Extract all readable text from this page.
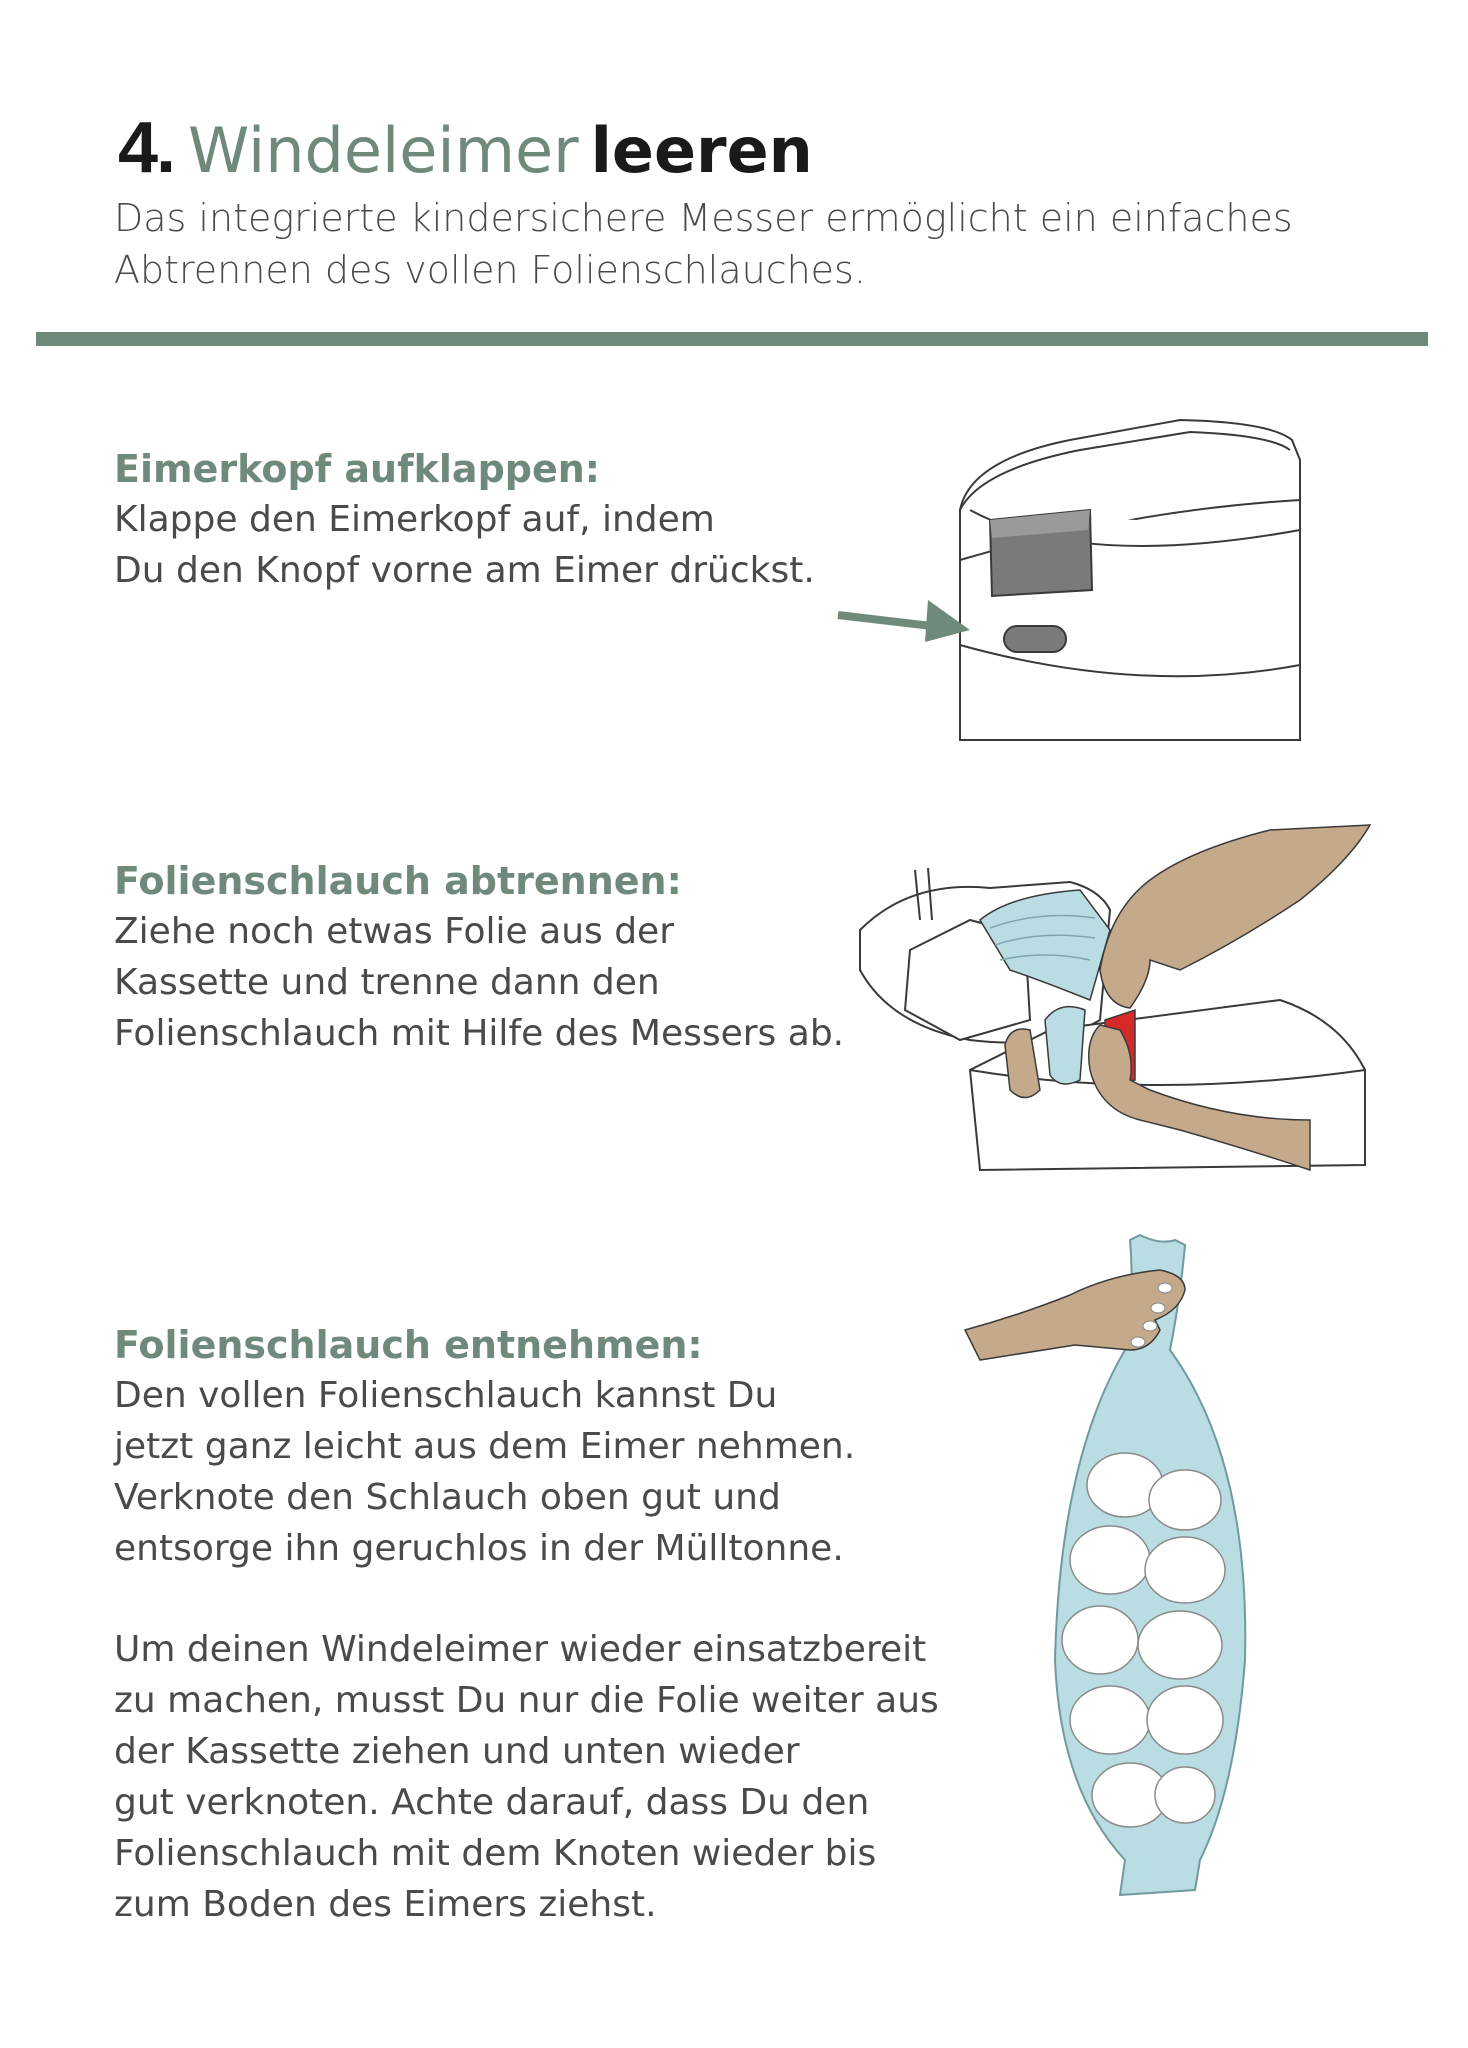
4. Windeleimer leeren
Das integrierte kindersichere Messer ermöglicht ein einfaches
Abtrennen des vollen Folienschlauches.
Eimerkopf aufklappen:
Klappe den Eimerkopf auf, indem
Du den Knopf vorne am Eimer drückst.
Folienschlauch abtrennen:
Ziehe noch etwas Folie aus der
Kassette und trenne dann den
Folienschlauch mit Hilfe des Messers ab.
Folienschlauch entnehmen:
Den vollen Folienschlauch kannst Du
jetzt ganz leicht aus dem Eimer nehmen.
Verknote den Schlauch oben gut und
entsorge ihn geruchlos in der Mülltonne.
Um deinen Windeleimer wieder einsatzbereit
zu machen, musst Du nur die Folie weiter aus
der Kassette ziehen und unten wieder
gut verknoten. Achte darauf, dass Du den
Folienschlauch mit dem Knoten wieder bis
zum Boden des Eimers ziehst.
